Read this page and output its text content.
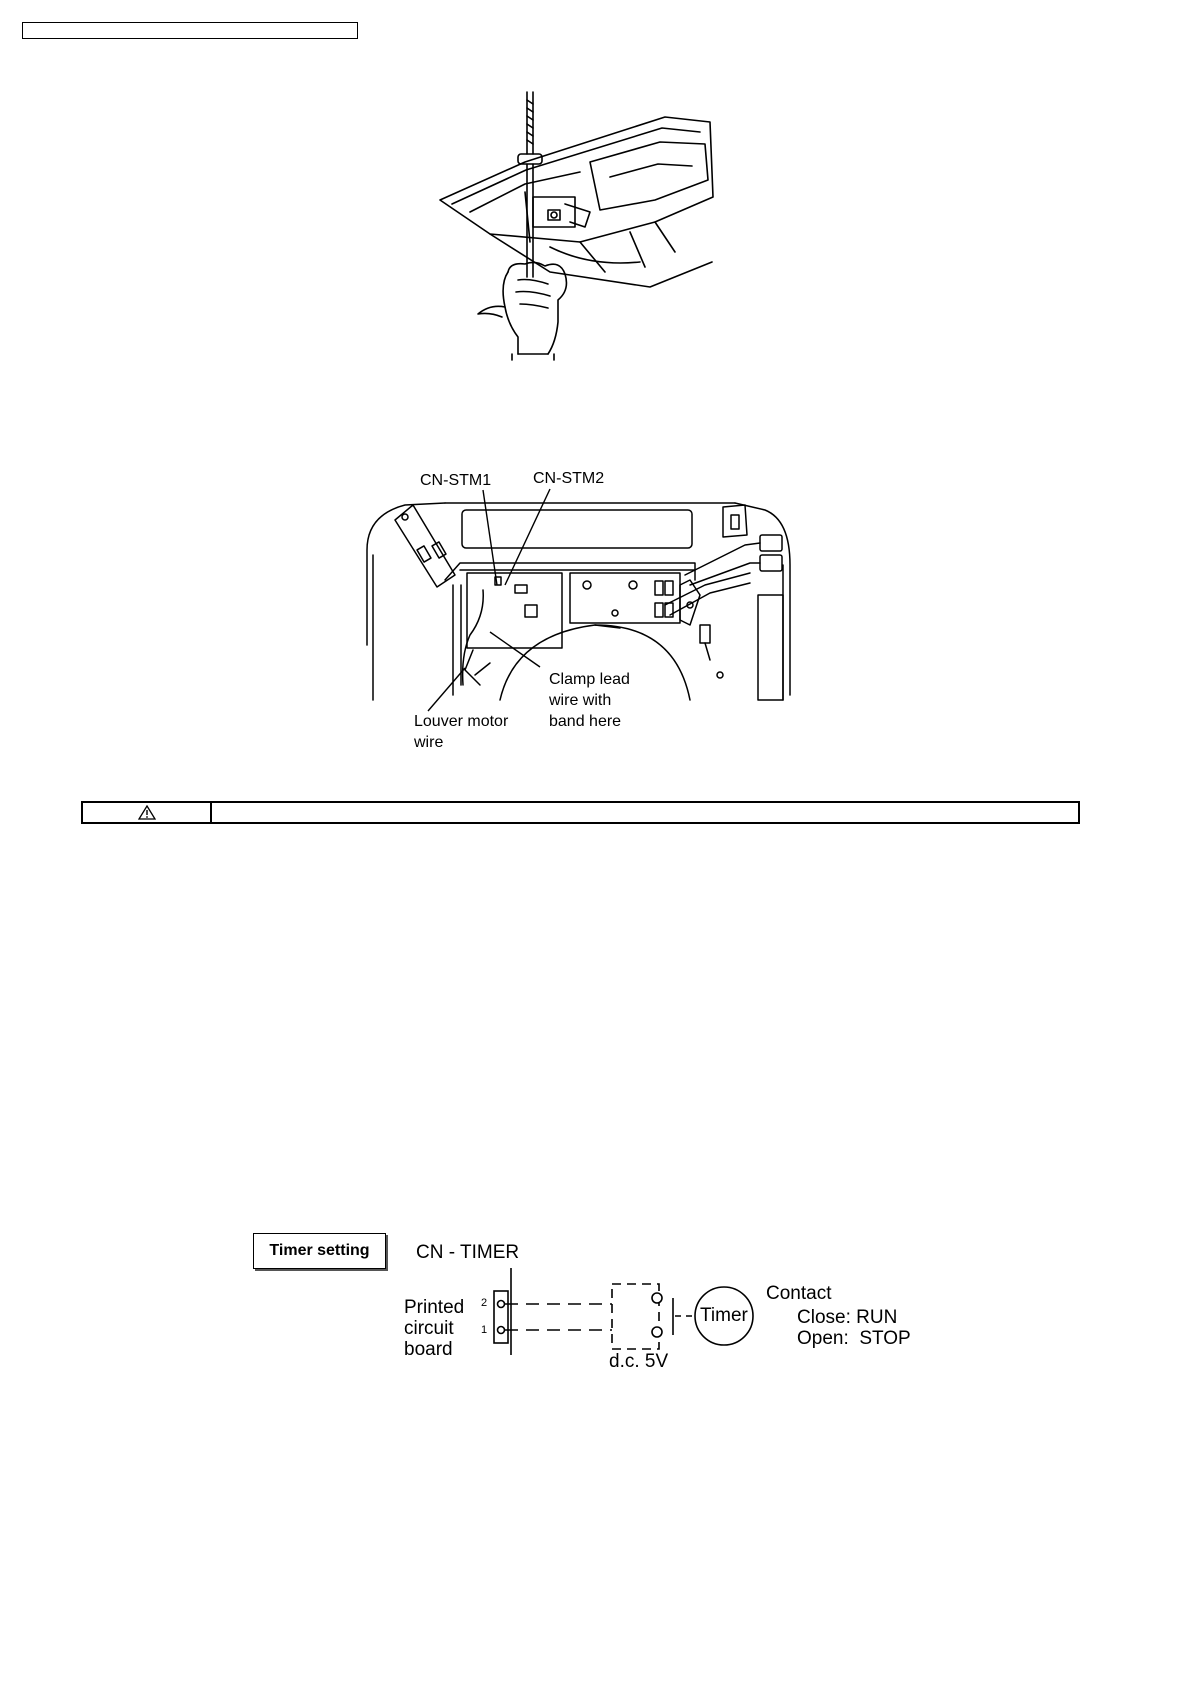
CN-STM1	CN-STM2
Clamp lead
wire with
band here
Louver motor
wire
Timer setting	CN - TIMER
Printed
circuit
board
2
1
d.c. 5V
Timer
Contact
Close: RUN
Open:  STOP
